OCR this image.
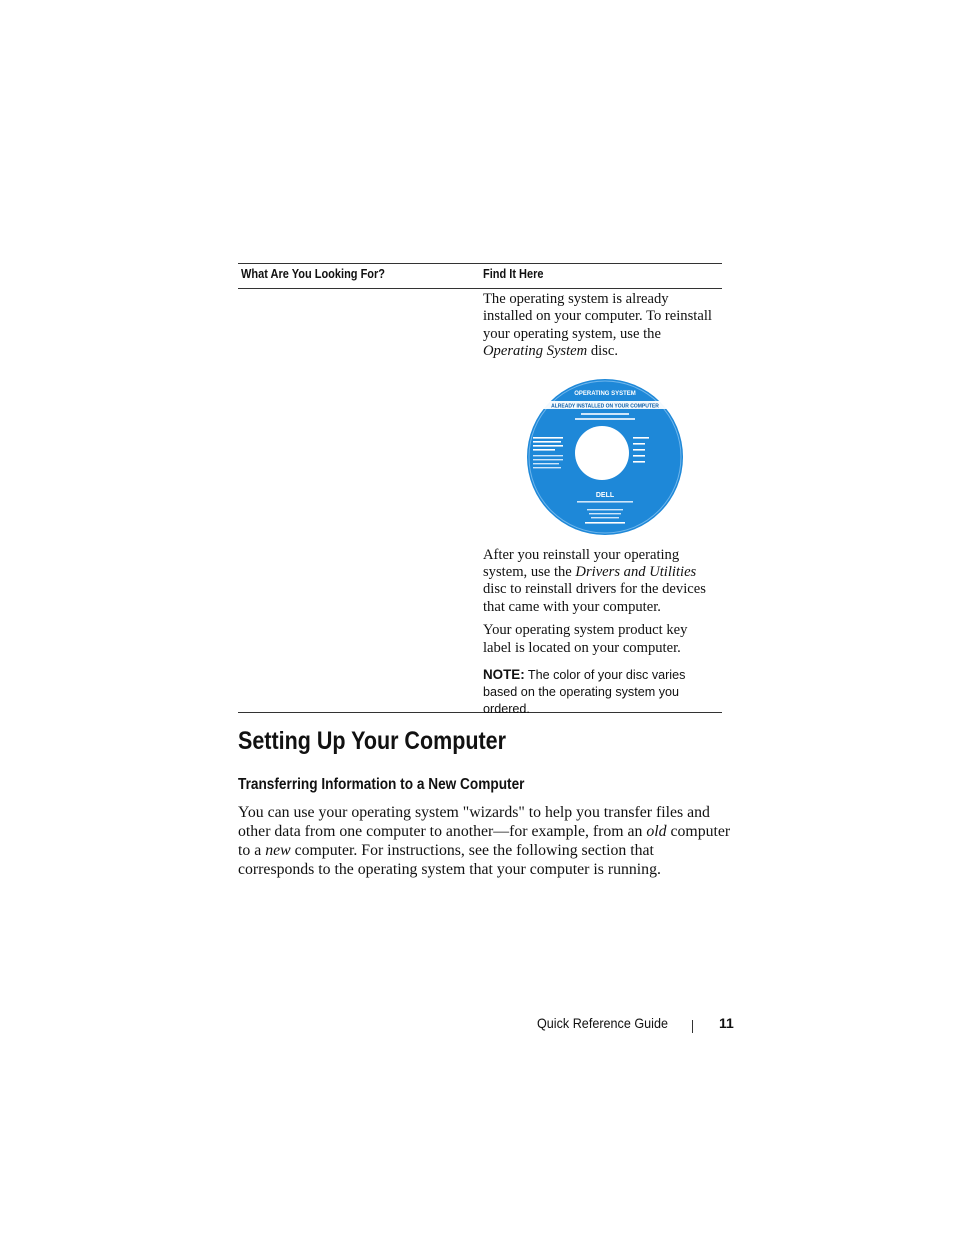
What Are You Looking For?	Find It Here

The operating system is already installed on your computer. To reinstall your operating system, use the Operating System disc.

OPERATING SYSTEM
ALREADY INSTALLED ON YOUR COMPUTER
DELL

After you reinstall your operating system, use the Drivers and Utilities disc to reinstall drivers for the devices that came with your computer.

Your operating system product key label is located on your computer.

NOTE: The color of your disc varies based on the operating system you ordered.

Setting Up Your Computer
Transferring Information to a New Computer

You can use your operating system "wizards" to help you transfer files and other data from one computer to another—for example, from an old computer to a new computer. For instructions, see the following section that corresponds to the operating system that your computer is running.

Quick Reference Guide	11
